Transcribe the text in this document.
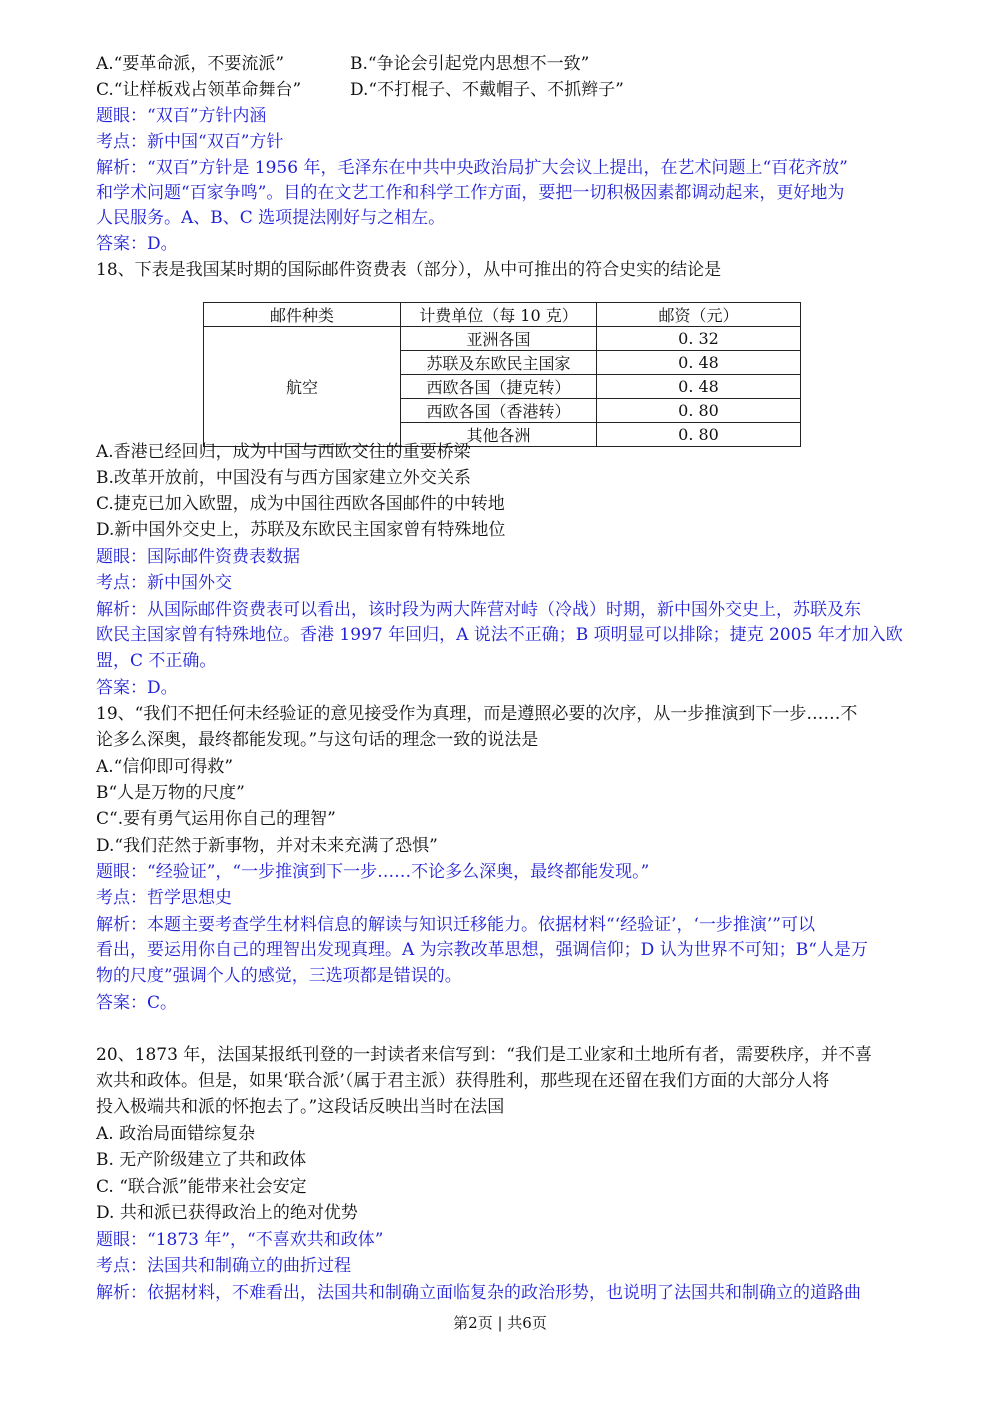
A.“要革命派，不要流派”	B.“争论会引起党内思想不一致”
C.“让样板戏占领革命舞台”	D.“不打棍子、不戴帽子、不抓辫子”
题眼：“双百”方针内涵
考点：新中国“双百”方针
解析：“双百”方针是 1956 年，毛泽东在中共中央政治局扩大会议上提出，在艺术问题上“百花齐放”
和学术问题“百家争鸣”。目的在文艺工作和科学工作方面，要把一切积极因素都调动起来，更好地为
人民服务。A、B、C 选项提法刚好与之相左。
答案：D。
18、下表是我国某时期的国际邮件资费表（部分），从中可推出的符合史实的结论是
邮件种类	计费单位（每 10 克）	邮资（元）
航空	亚洲各国	0. 32
	苏联及东欧民主国家	0. 48
	西欧各国（捷克转）	0. 48
	西欧各国（香港转）	0. 80
	其他各洲	0. 80
A.香港已经回归，成为中国与西欧交往的重要桥梁
B.改革开放前，中国没有与西方国家建立外交关系
C.捷克已加入欧盟，成为中国往西欧各国邮件的中转地
D.新中国外交史上，苏联及东欧民主国家曾有特殊地位
题眼：国际邮件资费表数据
考点：新中国外交
解析：从国际邮件资费表可以看出，该时段为两大阵营对峙（冷战）时期，新中国外交史上，苏联及东
欧民主国家曾有特殊地位。香港 1997 年回归，A 说法不正确；B 项明显可以排除；捷克 2005 年才加入欧
盟，C 不正确。
答案：D。
19、“我们不把任何未经验证的意见接受作为真理，而是遵照必要的次序，从一步推演到下一步……不
论多么深奥，最终都能发现。”与这句话的理念一致的说法是
A.“信仰即可得救”
B“人是万物的尺度”
C“.要有勇气运用你自己的理智”
D.“我们茫然于新事物，并对未来充满了恐惧”
题眼：“经验证”，“一步推演到下一步……不论多么深奥，最终都能发现。”
考点：哲学思想史
解析：本题主要考查学生材料信息的解读与知识迁移能力。依据材料“‘经验证’，‘一步推演’”可以
看出，要运用你自己的理智出发现真理。A 为宗教改革思想，强调信仰；D 认为世界不可知；B“人是万
物的尺度”强调个人的感觉，三选项都是错误的。
答案：C。
20、1873 年，法国某报纸刊登的一封读者来信写到：“我们是工业家和土地所有者，需要秩序，并不喜
欢共和政体。但是，如果‘联合派’（属于君主派）获得胜利，那些现在还留在我们方面的大部分人将
投入极端共和派的怀抱去了。”这段话反映出当时在法国
A. 政治局面错综复杂
B. 无产阶级建立了共和政体
C. “联合派”能带来社会安定
D. 共和派已获得政治上的绝对优势
题眼：“1873 年”，“不喜欢共和政体”
考点：法国共和制确立的曲折过程
解析：依据材料，不难看出，法国共和制确立面临复杂的政治形势，也说明了法国共和制确立的道路曲
第2页 | 共6页
